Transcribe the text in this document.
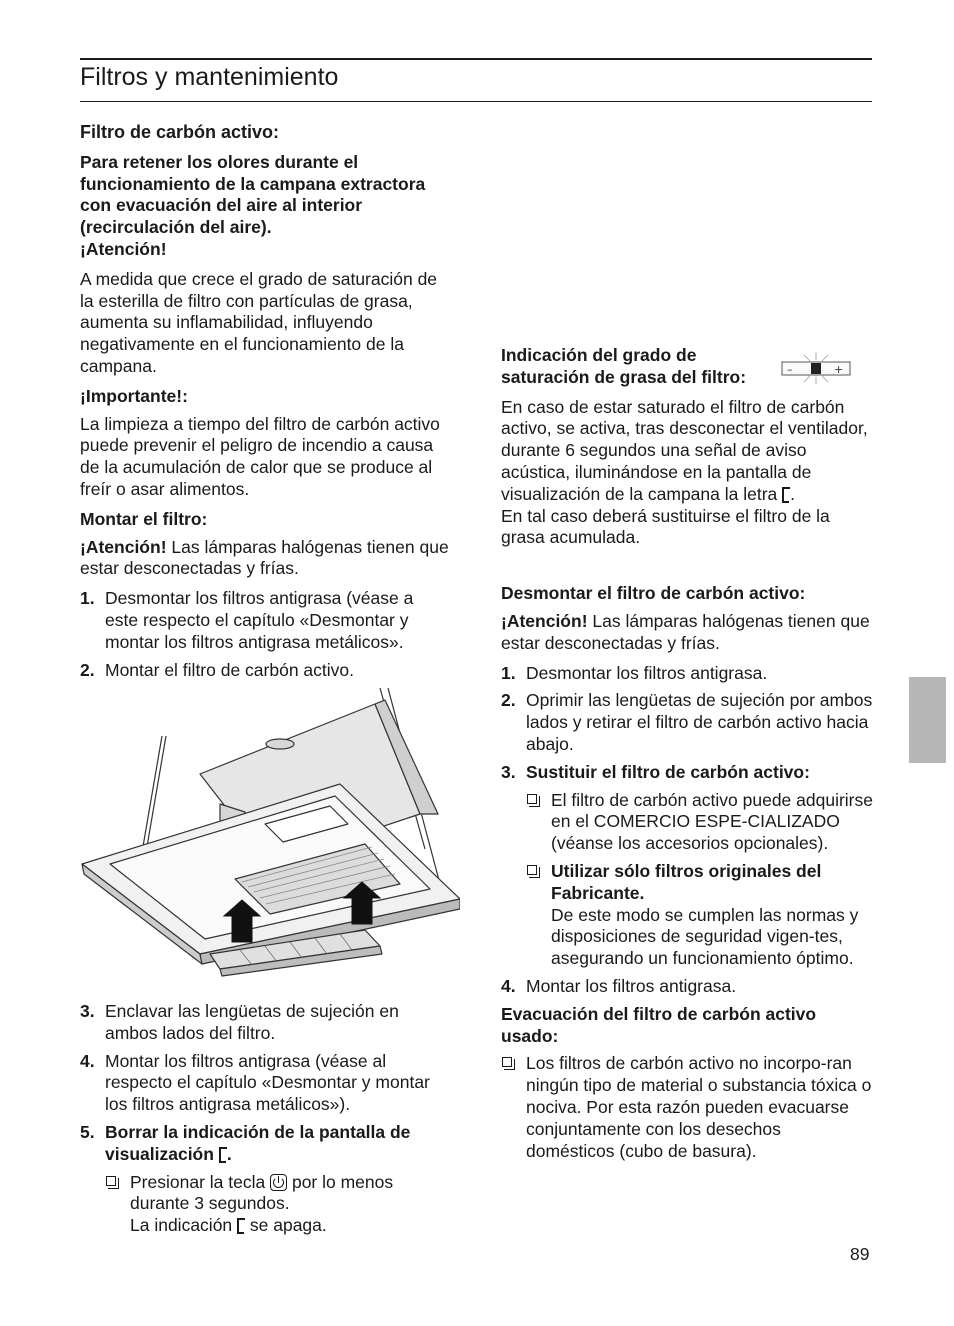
Filtros y mantenimiento

Filtro de carbón activo:

Para retener los olores durante el funcionamiento de la campana extractora con evacuación del aire al interior (recirculación del aire).
¡Atención!

A medida que crece el grado de saturación de la esterilla de filtro con partículas de grasa, aumenta su inflamabilidad, influyendo negativamente en el funcionamiento de la campana.

¡Importante!:

La limpieza a tiempo del filtro de carbón activo puede prevenir el peligro de incendio a causa de la acumulación de calor que se produce al freír o asar alimentos.

Montar el filtro:

¡Atención! Las lámparas halógenas tienen que estar desconectadas y frías.

1. Desmontar los filtros antigrasa (véase a este respecto el capítulo «Desmontar y montar los filtros antigrasa metálicos».
2. Montar el filtro de carbón activo.
3. Enclavar las lengüetas de sujeción en ambos lados del filtro.
4. Montar los filtros antigrasa (véase al respecto el capítulo «Desmontar y montar los filtros antigrasa metálicos»).
5. Borrar la indicación de la pantalla de visualización .
Presionar la tecla  por lo menos durante 3 segundos.
La indicación  se apaga.
–	+

Indicación del grado de saturación de grasa del filtro:

En caso de estar saturado el filtro de carbón activo, se activa, tras desconectar el ventilador, durante 6 segundos una señal de aviso acústica, iluminándose en la pantalla de visualización de la campana la letra .

En tal caso deberá sustituirse el filtro de la grasa acumulada.

Desmontar el filtro de carbón activo:

¡Atención! Las lámparas halógenas tienen que estar desconectadas y frías.

1. Desmontar los filtros antigrasa.
2. Oprimir las lengüetas de sujeción por ambos lados y retirar el filtro de carbón activo hacia abajo.
3. Sustituir el filtro de carbón activo:
El filtro de carbón activo puede adquirirse en el COMERCIO ESPE-CIALIZADO (véanse los accesorios opcionales).
Utilizar sólo filtros originales del Fabricante.
De este modo se cumplen las normas y disposiciones de seguridad vigen-tes, asegurando un funcionamiento óptimo.
4. Montar los filtros antigrasa.

Evacuación del filtro de carbón activo usado:

Los filtros de carbón activo no incorpo-ran ningún tipo de material o substancia tóxica o nociva. Por esta razón pueden evacuarse conjuntamente con los desechos domésticos (cubo de basura).
89
